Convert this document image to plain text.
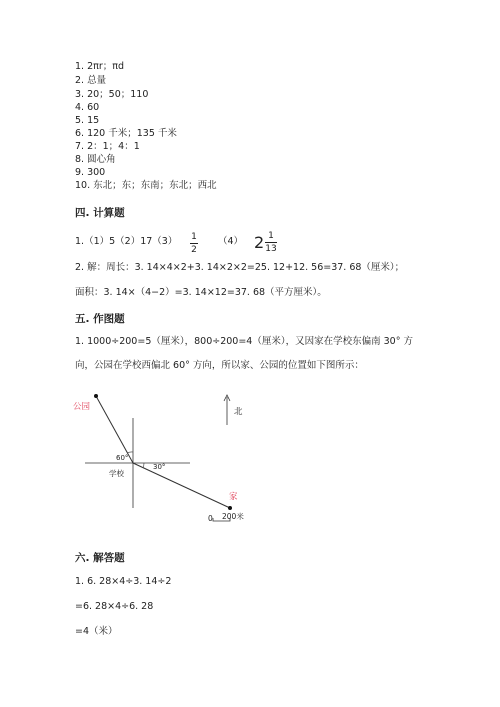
1. 2πr；πd
2. 总量
3. 20；50；110
4. 60
5. 15
6. 120 千米；135 千米
7. 2：1；4：1
8. 圆心角
9. 300
10. 东北；东；东南；东北；西北
四. 计算题
1.（1）5（2）17（3） 1
2
（4） 2 1
13
2. 解：周长：3. 14×4×2+3. 14×2×2=25. 12+12. 56=37. 68（厘米）；
面积：3. 14×（4−2）=3. 14×12=37. 68（平方厘米）。
五. 作图题
1. 1000÷200=5（厘米），800÷200=4（厘米），又因家在学校东偏南 30° 方
向，公园在学校西偏北 60° 方向，所以家、公园的位置如下图所示：
公园	北
60°
30°
学校
家
0 200米
六. 解答题
1. 6. 28×4÷3. 14÷2
=6. 28×4÷6. 28
=4（米）
